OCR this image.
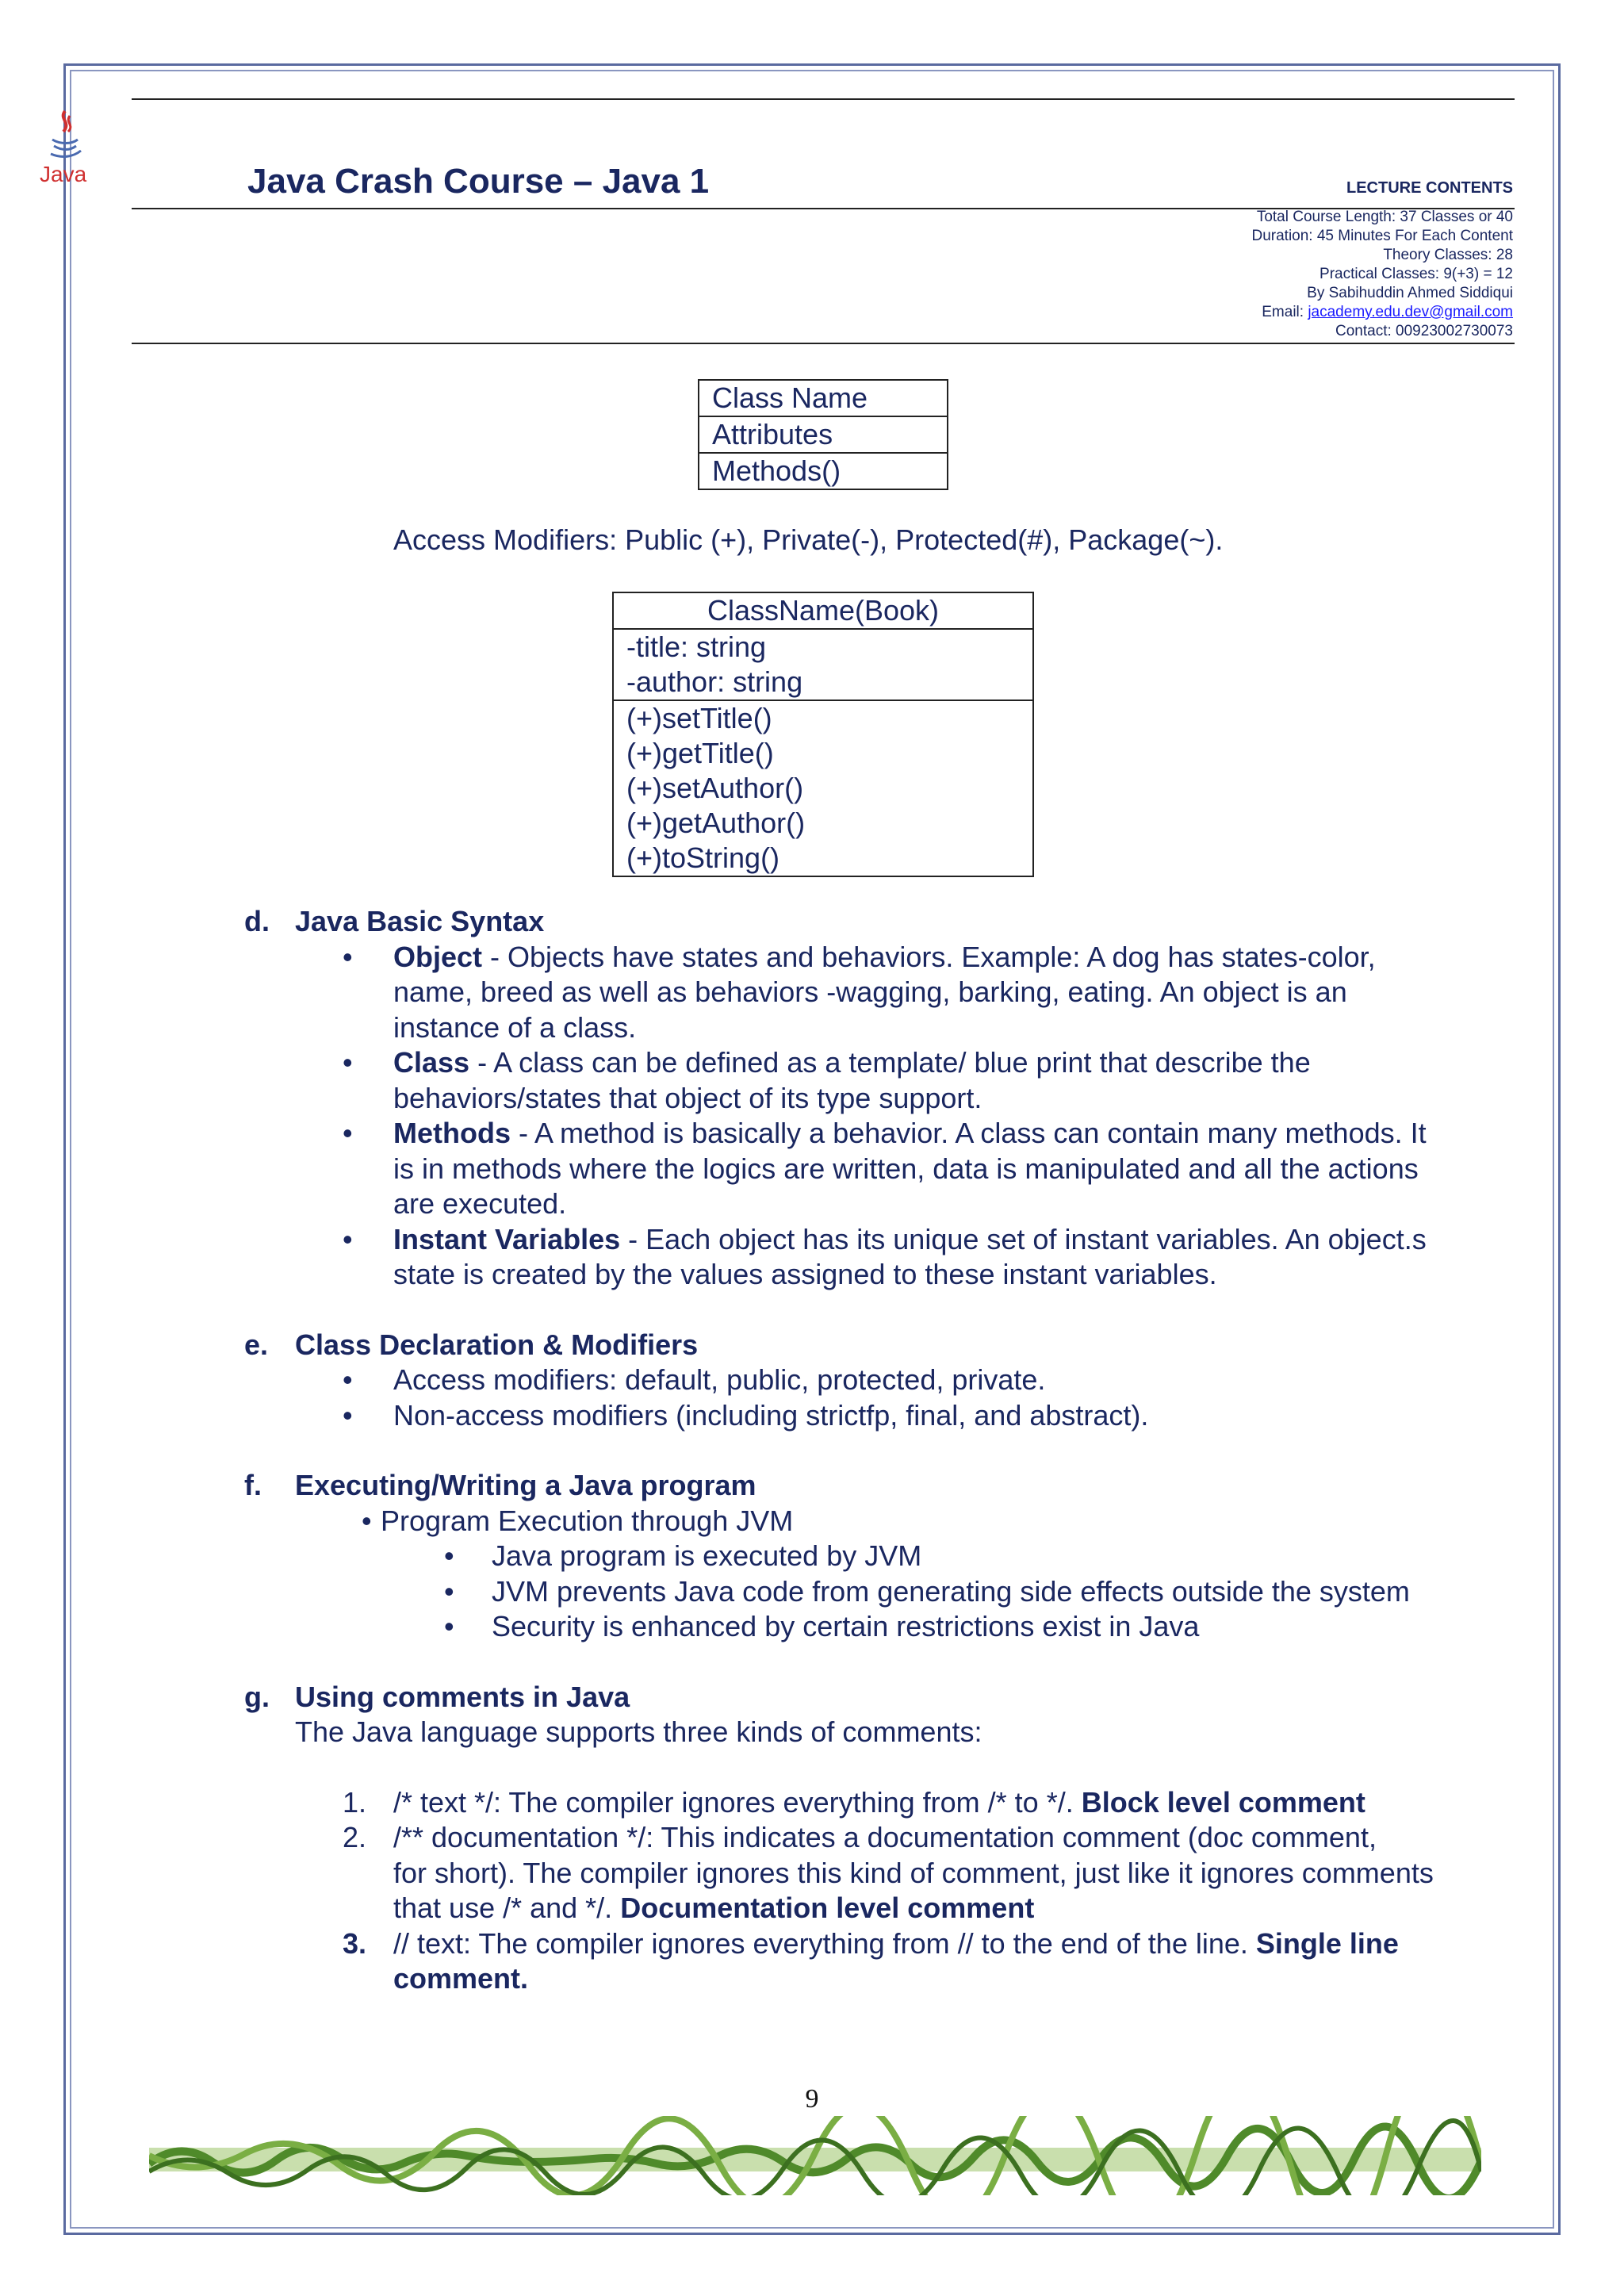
Java	Java Crash Course – Java 1	LECTURE CONTENTS
Total Course Length: 37 Classes or 40
Duration: 45 Minutes For Each Content
Theory Classes: 28
Practical Classes: 9(+3) = 12
By Sabihuddin Ahmed Siddiqui
Email: jacademy.edu.dev@gmail.com
Contact: 00923002730073
Class Name
Attributes
Methods()
Access Modifiers: Public (+), Private(-), Protected(#), Package(~).
ClassName(Book)
-title: string
-author: string
(+)setTitle()
(+)getTitle()
(+)setAuthor()
(+)getAuthor()
(+)toString()
d. Java Basic Syntax
• Object - Objects have states and behaviors. Example: A dog has states-color,
name, breed as well as behaviors -wagging, barking, eating. An object is an
instance of a class.
• Class - A class can be defined as a template/ blue print that describe the
behaviors/states that object of its type support.
• Methods - A method is basically a behavior. A class can contain many methods. It
is in methods where the logics are written, data is manipulated and all the actions
are executed.
• Instant Variables - Each object has its unique set of instant variables. An object.s
state is created by the values assigned to these instant variables.
e. Class Declaration & Modifiers
• Access modifiers: default, public, protected, private.
• Non-access modifiers (including strictfp, final, and abstract).
f. Executing/Writing a Java program
• Program Execution through JVM
• Java program is executed by JVM
• JVM prevents Java code from generating side effects outside the system
• Security is enhanced by certain restrictions exist in Java
g. Using comments in Java
The Java language supports three kinds of comments:
1. /* text */: The compiler ignores everything from /* to */. Block level comment
2. /** documentation */: This indicates a documentation comment (doc comment,
for short). The compiler ignores this kind of comment, just like it ignores comments
that use /* and */. Documentation level comment
3. // text: The compiler ignores everything from // to the end of the line. Single line
comment.
9
